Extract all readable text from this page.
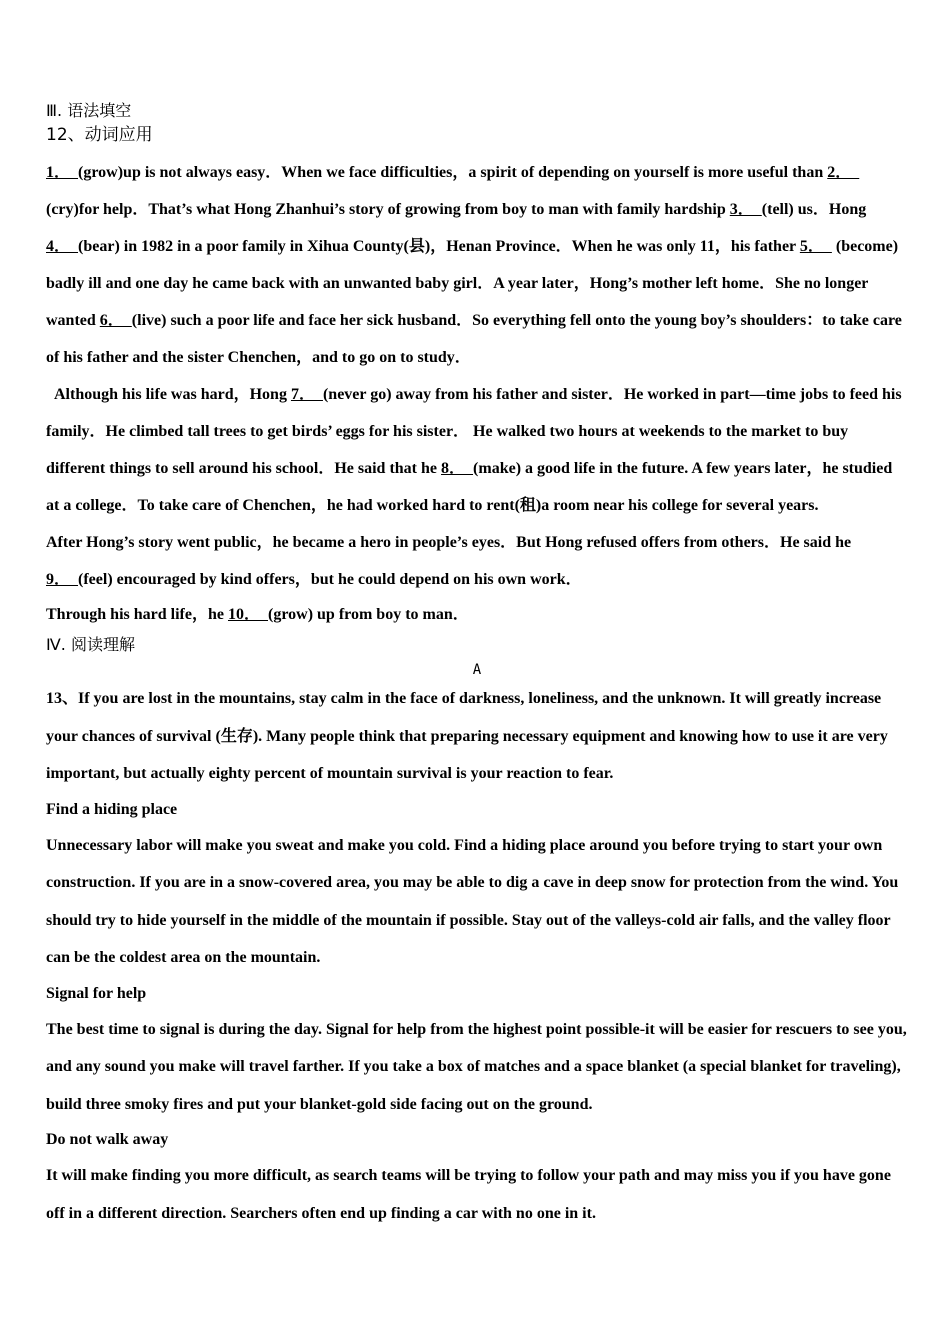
Ⅲ. 语法填空

12、动词应用

1．  (grow)up is not always easy．When we face difficulties，a spirit of depending on yourself is more useful than 2．   (cry)for help．That’s what Hong Zhanhui’s story of growing from boy to man with family hardship 3．  (tell) us．Hong 4．  (bear) in 1982 in a poor family in Xihua County(县)，Henan Province．When he was only 11，his father 5．   (become) badly ill and one day he came back with an unwanted baby girl．A year later，Hong’s mother left home．She no longer wanted 6．  (live) such a poor life and face her sick husband．So everything fell onto the young boy’s shoulders：to take care of his father and the sister Chenchen，and to go on to study．

Although his life was hard，Hong 7．  (never go) away from his father and sister．He worked in part—time jobs to feed his family．He climbed tall trees to get birds’ eggs for his sister． He walked two hours at weekends to the market to buy different things to sell around his school．He said that he 8．  (make) a good life in the future. A few years later，he studied at a college．To take care of Chenchen，he had worked hard to rent(租)a room near his college for several years.

After Hong’s story went public，he became a hero in people’s eyes．But Hong refused offers from others．He said he 9．  (feel) encouraged by kind offers，but he could depend on his own work．

Through his hard life，he 10．  (grow) up from boy to man．

Ⅳ. 阅读理解

A

13、If you are lost in the mountains, stay calm in the face of darkness, loneliness, and the unknown. It will greatly increase your chances of survival (生存). Many people think that preparing necessary equipment and knowing how to use it are very important, but actually eighty percent of mountain survival is your reaction to fear.

Find a hiding place

Unnecessary labor will make you sweat and make you cold. Find a hiding place around you before trying to start your own construction. If you are in a snow-covered area, you may be able to dig a cave in deep snow for protection from the wind. You should try to hide yourself in the middle of the mountain if possible. Stay out of the valleys-cold air falls, and the valley floor can be the coldest area on the mountain.

Signal for help

The best time to signal is during the day. Signal for help from the highest point possible-it will be easier for rescuers to see you, and any sound you make will travel farther. If you take a box of matches and a space blanket (a special blanket for traveling), build three smoky fires and put your blanket-gold side facing out on the ground.

Do not walk away

It will make finding you more difficult, as search teams will be trying to follow your path and may miss you if you have gone off in a different direction. Searchers often end up finding a car with no one in it.
